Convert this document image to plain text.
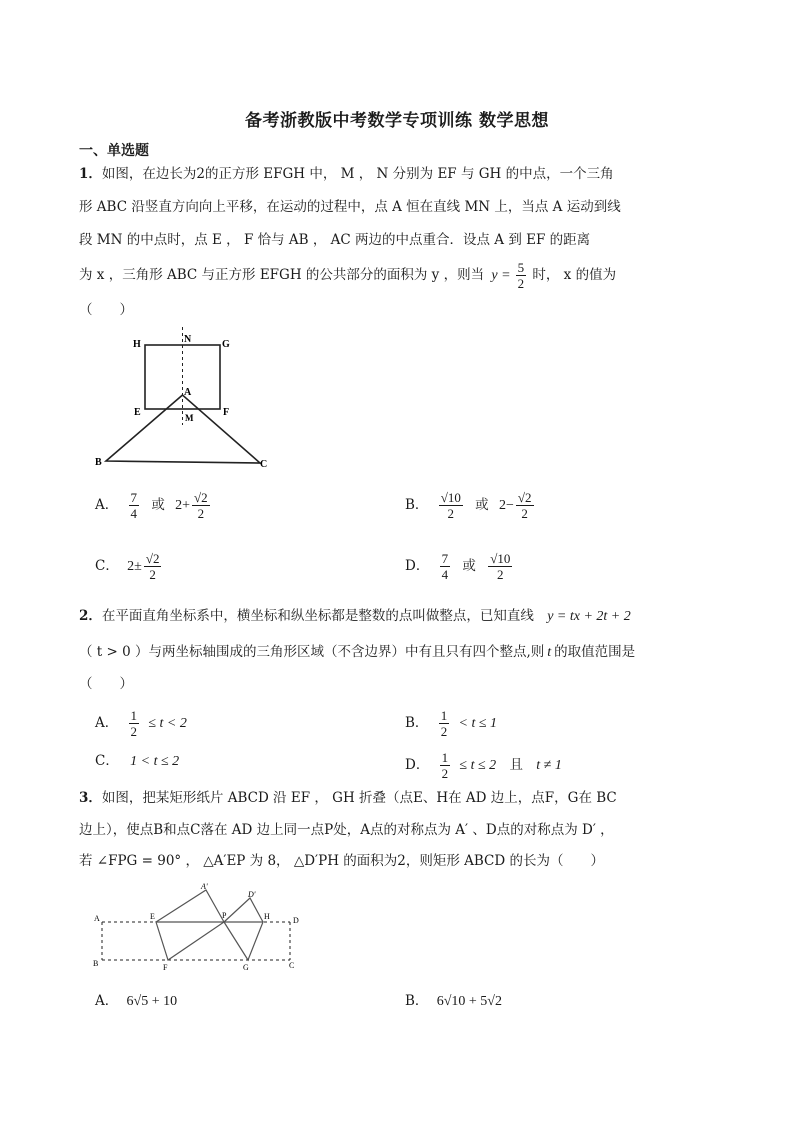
备考浙教版中考数学专项训练 数学思想
一、单选题
1．如图，在边长为2的正方形 EFGH 中， M ， N 分别为 EF 与 GH 的中点，一个三角
形 ABC 沿竖直方向向上平移，在运动的过程中，点 A 恒在直线 MN 上，当点 A 运动到线
段 MN 的中点时，点 E ， F 恰与 AB ， AC 两边的中点重合．设点 A 到 EF 的距离
为 x ，三角形 ABC 与正方形 EFGH 的公共部分的面积为 y ，则当 $y = \frac{5}{2}$ 时， x 的值为
（　　）
H	N	G
A
E	M	F
B	C
A． $\frac{7}{4}$ 或 $2+ \frac{√2}{2}$	B． $\frac{√10}{2}$ 或 $2- \frac{√2}{2}$
C． $2\pm \frac{√2}{2}$	D． $\frac{7}{4}$ 或 $\frac{√10}{2}$
2．在平面直角坐标系中，横坐标和纵坐标都是整数的点叫做整点，已知直线 y = tx + 2t + 2
（ t > 0 ）与两坐标轴围成的三角形区域（不含边界）中有且只有四个整点,则 t 的取值范围是
（　　）
A． $\frac{1}{2} \le t < 2$	B． $\frac{1}{2} < t \le 1$
C． 1 < t ≤ 2	D． $\frac{1}{2} \le t \le 2$ 且 t ≠ 1
3．如图，把某矩形纸片 ABCD 沿 EF ， GH 折叠（点E、H在 AD 边上，点F，G在 BC
边上），使点B和点C落在 AD 边上同一点P处，A点的对称点为 A′ 、D点的对称点为 D′ ，
若 ∠FPG = 90° ， △A′EP 为 8， △D′PH 的面积为2，则矩形 ABCD 的长为（　　）
A'
D'
A	E	P	H	D
B	F	G	C
A． 6√5 + 10	B． 6√10 + 5√2
